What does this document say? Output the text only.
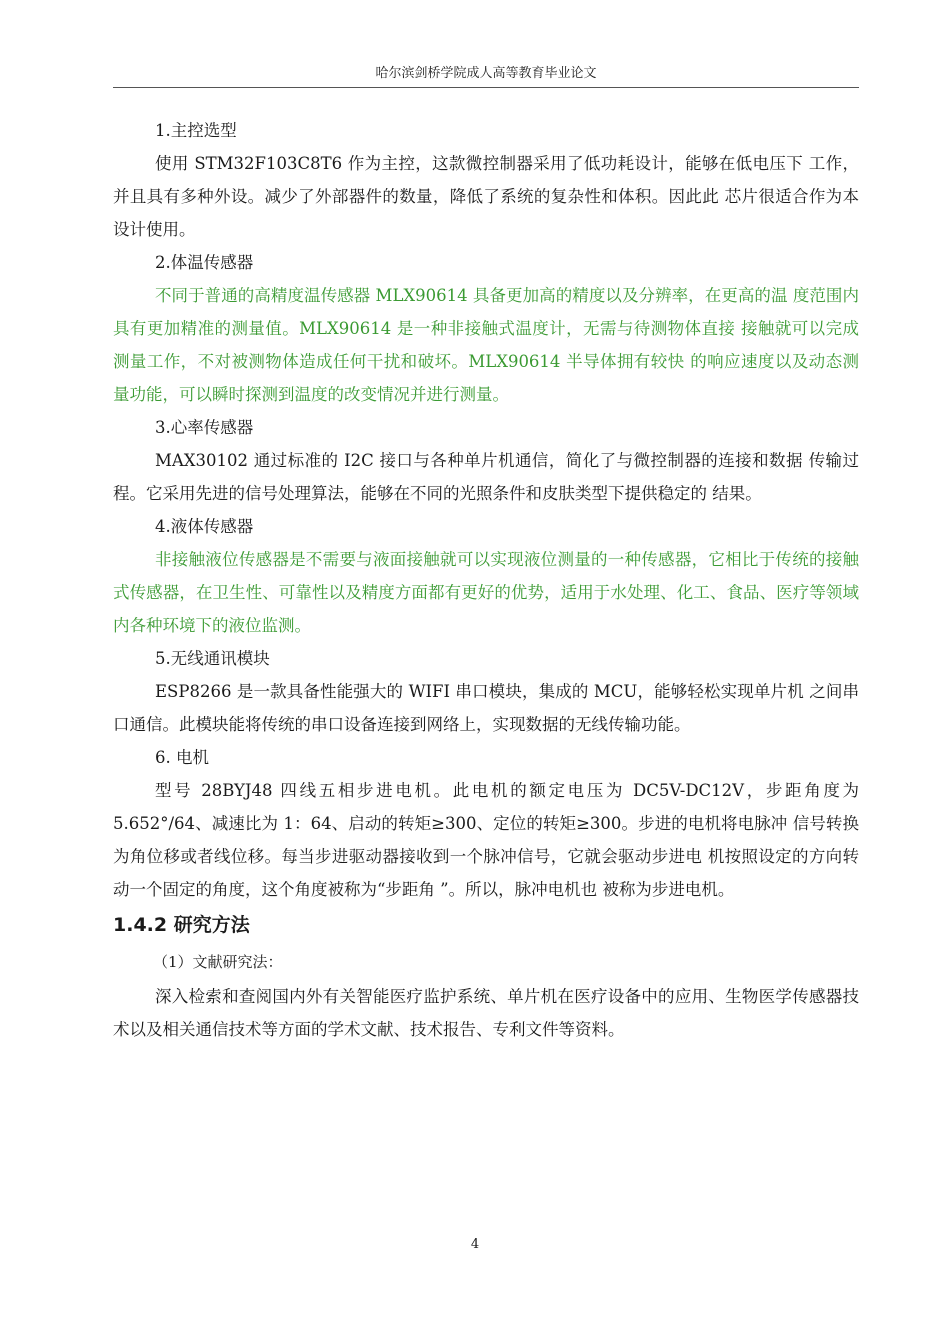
哈尔滨剑桥学院成人高等教育毕业论文

1.主控选型

使用 STM32F103C8T6 作为主控，这款微控制器采用了低功耗设计，能够在低电压下 工作，并且具有多种外设。减少了外部器件的数量，降低了系统的复杂性和体积。因此此 芯片很适合作为本设计使用。

2.体温传感器

不同于普通的高精度温传感器 MLX90614 具备更加高的精度以及分辨率，在更高的温 度范围内具有更加精准的测量值。MLX90614 是一种非接触式温度计，无需与待测物体直接 接触就可以完成测量工作，不对被测物体造成任何干扰和破坏。MLX90614 半导体拥有较快 的响应速度以及动态测量功能，可以瞬时探测到温度的改变情况并进行测量。

3.心率传感器

MAX30102 通过标准的 I2C 接口与各种单片机通信，简化了与微控制器的连接和数据 传输过程。它采用先进的信号处理算法，能够在不同的光照条件和皮肤类型下提供稳定的 结果。

4.液体传感器

非接触液位传感器是不需要与液面接触就可以实现液位测量的一种传感器，它相比于传统的接触式传感器，在卫生性、可靠性以及精度方面都有更好的优势，适用于水处理、化工、食品、医疗等领域内各种环境下的液位监测。

5.无线通讯模块

ESP8266 是一款具备性能强大的 WIFI 串口模块，集成的 MCU，能够轻松实现单片机 之间串口通信。此模块能将传统的串口设备连接到网络上，实现数据的无线传输功能。

6. 电机

型号 28BYJ48 四线五相步进电机。此电机的额定电压为 DC5V-DC12V，步距角度为 5.652°/64、减速比为 1：64、启动的转矩≥300、定位的转矩≥300。步进的电机将电脉冲 信号转换为角位移或者线位移。每当步进驱动器接收到一个脉冲信号，它就会驱动步进电 机按照设定的方向转动一个固定的角度，这个角度被称为“步距角 ”。所以，脉冲电机也 被称为步进电机。

1.4.2 研究方法

（1）文献研究法：

深入检索和查阅国内外有关智能医疗监护系统、单片机在医疗设备中的应用、生物医学传感器技术以及相关通信技术等方面的学术文献、技术报告、专利文件等资料。

4
